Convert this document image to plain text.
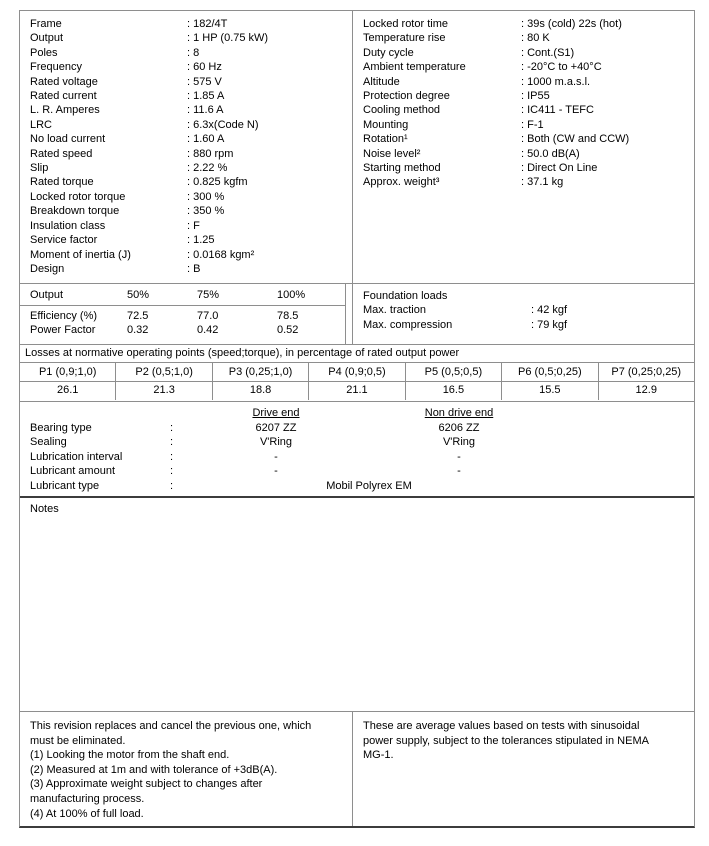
Frame	: 182/4T
Output	: 1 HP (0.75 kW)
Poles	: 8
Frequency	: 60 Hz
Rated voltage	: 575 V
Rated current	: 1.85 A
L. R. Amperes	: 11.6 A
LRC	: 6.3x(Code N)
No load current	: 1.60 A
Rated speed	: 880 rpm
Slip	: 2.22 %
Rated torque	: 0.825 kgfm
Locked rotor torque	: 300 %
Breakdown torque	: 350 %
Insulation class	: F
Service factor	: 1.25
Moment of inertia (J)	: 0.0168 kgm²
Design	: B
Locked rotor time	: 39s (cold) 22s (hot)
Temperature rise	: 80 K
Duty cycle	: Cont.(S1)
Ambient temperature	: -20°C to +40°C
Altitude	: 1000 m.a.s.l.
Protection degree	: IP55
Cooling method	: IC411 - TEFC
Mounting	: F-1
Rotation¹	: Both (CW and CCW)
Noise level²	: 50.0 dB(A)
Starting method	: Direct On Line
Approx. weight³	: 37.1 kg
Output	50%	75%	100%
Efficiency (%)	72.5	77.0	78.5
Power Factor	0.32	0.42	0.52
Foundation loads
Max. traction	: 42 kgf
Max. compression	: 79 kgf
Losses at normative operating points (speed;torque), in percentage of rated output power
P1 (0,9;1,0)	P2 (0,5;1,0)	P3 (0,25;1,0)	P4 (0,9;0,5)	P5 (0,5;0,5)	P6 (0,5;0,25)	P7 (0,25;0,25)
26.1	21.3	18.8	21.1	16.5	15.5	12.9
Drive end	Non drive end
Bearing type	:	6207 ZZ	6206 ZZ
Sealing	:	V'Ring	V'Ring
Lubrication interval	:	-	-
Lubricant amount	:	-	-
Lubricant type	:	Mobil Polyrex EM
Notes
This revision replaces and cancel the previous one, which
must be eliminated.
(1) Looking the motor from the shaft end.
(2) Measured at 1m and with tolerance of +3dB(A).
(3) Approximate weight subject to changes after
manufacturing process.
(4) At 100% of full load.
These are average values based on tests with sinusoidal
power supply, subject to the tolerances stipulated in NEMA
MG-1.
